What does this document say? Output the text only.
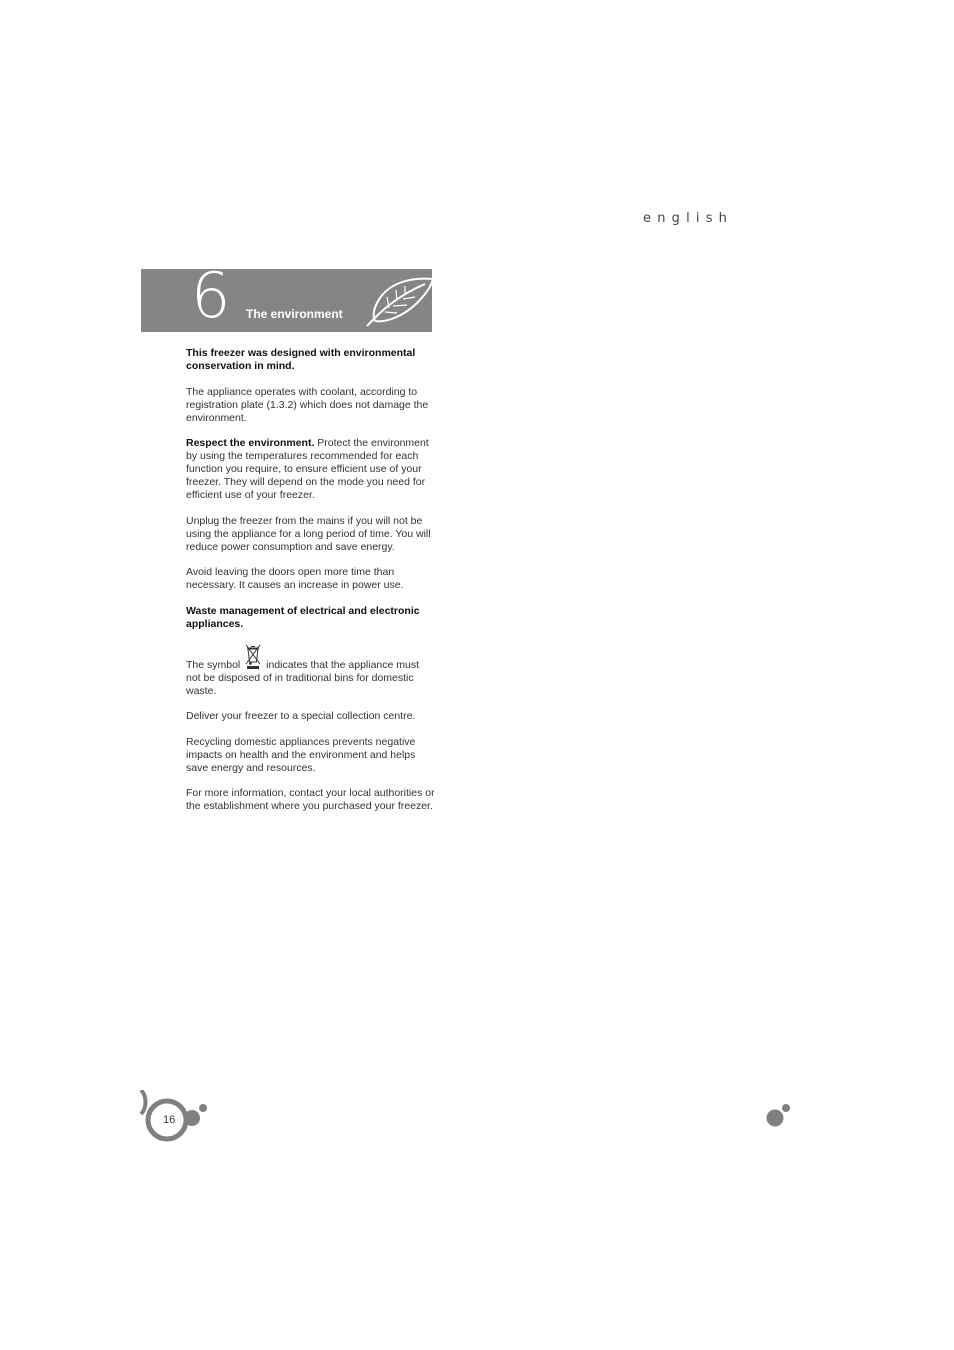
english
6 The environment

This freezer was designed with environmental conservation in mind.

The appliance operates with coolant, according to registration plate (1.3.2) which does not damage the environment.

Respect the environment. Protect the environment by using the temperatures recommended for each function you require, to ensure efficient use of your freezer. They will depend on the mode you need for efficient use of your freezer.

Unplug the freezer from the mains if you will not be using the appliance for a long period of time. You will reduce power consumption and save energy.

Avoid leaving the doors open more time than necessary. It causes an increase in power use.

Waste management of electrical and electronic appliances.

The symbol
indicates that the appliance must not be disposed of in traditional bins for domestic waste.

Deliver your freezer to a special collection centre.

Recycling domestic appliances prevents negative impacts on health and the environment and helps save energy and resources.

For more information, contact your local authorities or the establishment where you purchased your freezer.

16
